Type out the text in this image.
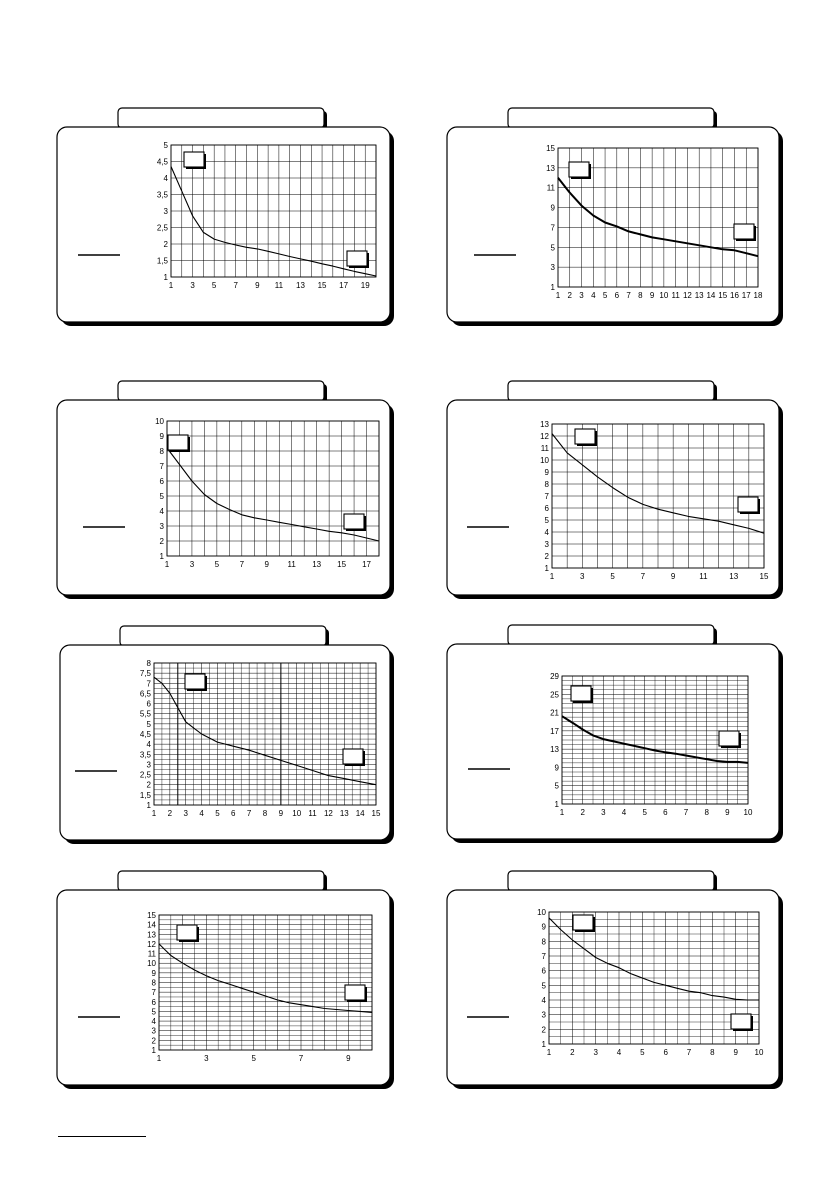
1 3 5 7 9 11 13 15 17 19
1
1,5
2
2,5
3
3,5
4
4,5
5
1 2 3 4 5 6 7 8 9 10 11 12 13 14 15 16 17 18
1
3
5
7
9
11
13
15
1	3	5	7	9 11 13 15 17
1
2
3
4
5
6
7
8
9
10
1	3	5	7	9	11	13	15
1
2
3
4
5
6
7
8
9
10
11
12
13
1 2 3 4 5 6 7 8 9 10 11 12 13 14 15
1
1,5
2
2,5
3
3,5
4
4,5
5
5,5
6
6,5
7
7,5
8
1 2 3 4 5 6 7 8 9 10
1
5
9
13
17
21
25
29
1	3	5	7	9
1
2
3
4
5
6
7
8
9
10
11
12
13
14
15
1 2 3 4 5 6 7 8 9 10
1
2
3
4
5
6
7
8
9
10
